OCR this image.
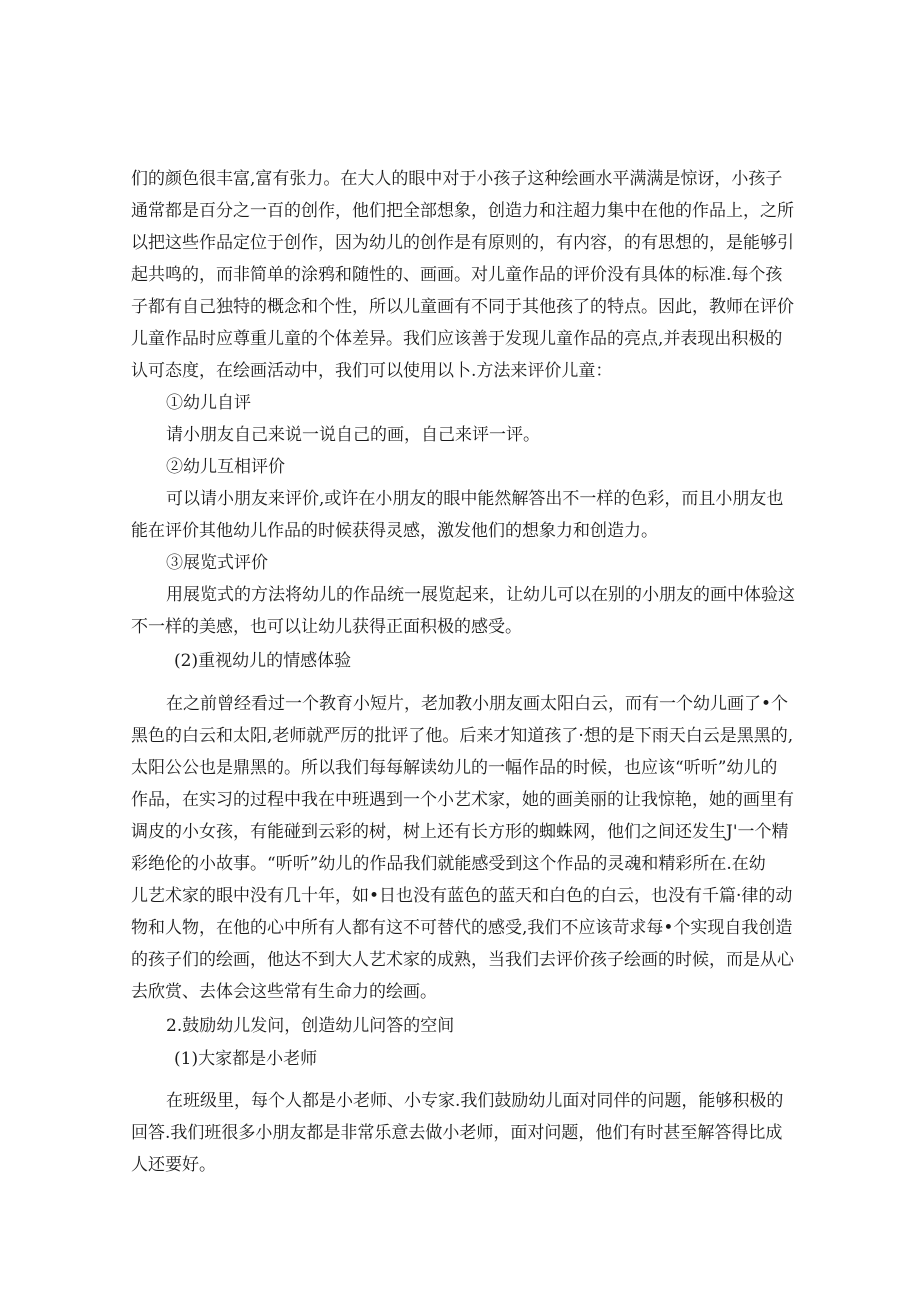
们的颜色很丰富,富有张力。在大人的眼中对于小孩子这种绘画水平满满是惊讶，小孩子
通常都是百分之一百的创作，他们把全部想象，创造力和注超力集中在他的作品上，之所
以把这些作品定位于创作，因为幼儿的创作是有原则的，有内容，的有思想的，是能够引
起共鸣的，而非简单的涂鸦和随性的、画画。对儿童作品的评价没有具体的标准.每个孩
子都有自己独特的概念和个性，所以儿童画有不同于其他孩了的特点。因此，教师在评价
儿童作品时应尊重儿童的个体差异。我们应该善于发现儿童作品的亮点,并表现出积极的
认可态度，在绘画活动中，我们可以使用以卜.方法来评价儿童：
①幼儿自评
请小朋友自己来说一说自己的画，自己来评一评。
②幼儿互相评价
可以请小朋友来评价,或许在小朋友的眼中能然解答出不一样的色彩，而且小朋友也
能在评价其他幼儿作品的时候获得灵感，激发他们的想象力和创造力。
③展览式评价
用展览式的方法将幼儿的作品统一展览起来，让幼儿可以在别的小朋友的画中体验这
不一样的美感，也可以让幼儿获得正面积极的感受。
(2)重视幼儿的情感体验
在之前曾经看过一个教育小短片，老加教小朋友画太阳白云，而有一个幼儿画了•个
黑色的白云和太阳,老师就严厉的批评了他。后来才知道孩了·想的是下雨天白云是黑黑的,
太阳公公也是鼎黑的。所以我们每每解读幼儿的一幅作品的时候，也应该“听听”幼儿的
作品，在实习的过程中我在中班遇到一个小艺术家，她的画美丽的让我惊艳，她的画里有
调皮的小女孩，有能碰到云彩的树，树上还有长方形的蜘蛛网，他们之间还发生J'一个精
彩绝伦的小故事。“听听”幼儿的作品我们就能感受到这个作品的灵魂和精彩所在.在幼
儿艺术家的眼中没有几十年，如•日也没有蓝色的蓝天和白色的白云，也没有千篇·律的动
物和人物，在他的心中所有人都有这不可替代的感受,我们不应该苛求每•个实现自我创造
的孩子们的绘画，他达不到大人艺术家的成熟，当我们去评价孩子绘画的时候，而是从心
去欣赏、去体会这些常有生命力的绘画。
2.鼓励幼儿发问，创造幼儿问答的空间
(1)大家都是小老师
在班级里，每个人都是小老师、小专家.我们鼓励幼儿面对同伴的问题，能够积极的
回答.我们班很多小朋友都是非常乐意去做小老师，面对问题，他们有时甚至解答得比成
人还要好。
